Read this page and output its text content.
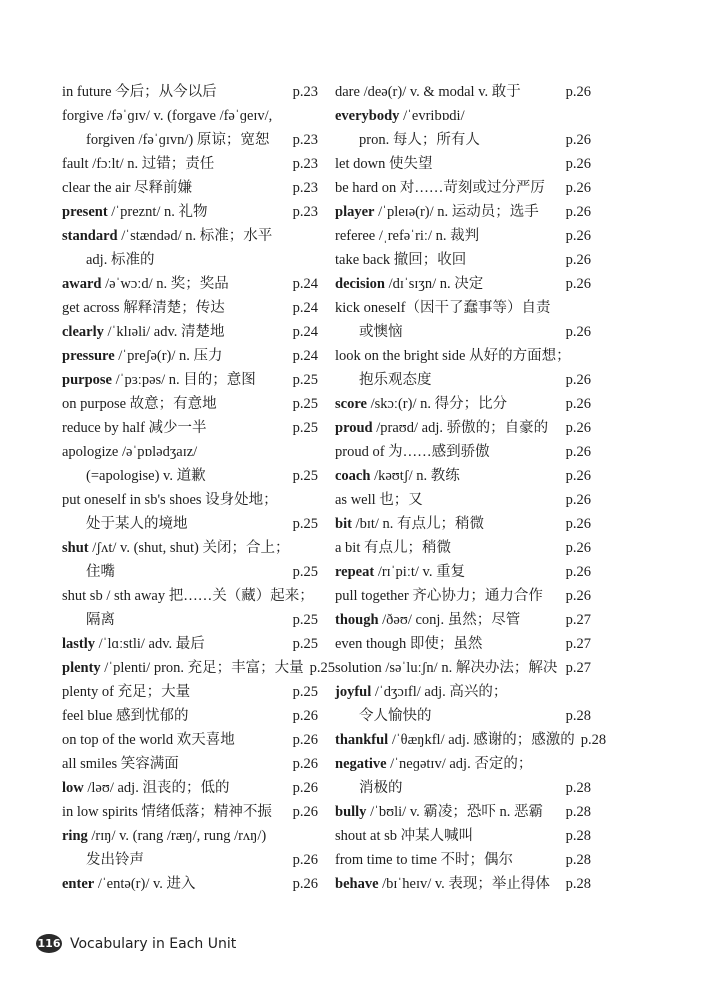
in future 今后；从今以后	p.23
forgive /fəˈɡɪv/ v. (forgave /fəˈɡeɪv/,
forgiven /fəˈɡɪvn/) 原谅；宽恕 p.23
fault /fɔːlt/ n. 过错；责任	p.23
clear the air 尽释前嫌	p.23
present /ˈpreznt/ n. 礼物	p.23
standard /ˈstændəd/ n. 标准；水平
adj. 标准的
award /əˈwɔːd/ n. 奖；奖品	p.24
get across 解释清楚；传达	p.24
clearly /ˈklɪəli/ adv. 清楚地	p.24
pressure /ˈpreʃə(r)/ n. 压力	p.24
purpose /ˈpɜːpəs/ n. 目的；意图	p.25
on purpose 故意；有意地	p.25
reduce by half 减少一半	p.25
apologize /əˈpɒlədʒaɪz/
(=apologise) v. 道歉	p.25
put oneself in sb's shoes 设身处地；
处于某人的境地	p.25
shut /ʃʌt/ v. (shut, shut) 关闭；合上；
住嘴	p.25
shut sb / sth away 把……关（藏）起来；
隔离	p.25
lastly /ˈlɑːstli/ adv. 最后	p.25
plenty /ˈplenti/ pron. 充足；丰富；大量 p.25
plenty of 充足；大量	p.25
feel blue 感到忧郁的	p.26
on top of the world 欢天喜地	p.26
all smiles 笑容满面	p.26
low /ləʊ/ adj. 沮丧的；低的	p.26
in low spirits 情绪低落；精神不振 p.26
ring /rɪŋ/ v. (rang /ræŋ/, rung /rʌŋ/)
发出铃声	p.26
enter /ˈentə(r)/ v. 进入	p.26
dare /deə(r)/ v. & modal v. 敢于	p.26
everybody /ˈevribɒdi/
pron. 每人；所有人	p.26
let down 使失望	p.26
be hard on 对……苛刻或过分严厉 p.26
player /ˈpleɪə(r)/ n. 运动员；选手 p.26
referee /ˌrefəˈriː/ n. 裁判	p.26
take back 撤回；收回	p.26
decision /dɪˈsɪʒn/ n. 决定	p.26
kick oneself（因干了蠢事等）自责
或懊恼	p.26
look on the bright side 从好的方面想；
抱乐观态度	p.26
score /skɔː(r)/ n. 得分；比分	p.26
proud /praʊd/ adj. 骄傲的；自豪的 p.26
proud of 为……感到骄傲	p.26
coach /kəʊtʃ/ n. 教练	p.26
as well 也；又	p.26
bit /bɪt/ n. 有点儿；稍微	p.26
a bit 有点儿；稍微	p.26
repeat /rɪˈpiːt/ v. 重复	p.26
pull together 齐心协力；通力合作 p.26
though /ðəʊ/ conj. 虽然；尽管	p.27
even though 即使；虽然	p.27
solution /səˈluːʃn/ n. 解决办法；解决 p.27
joyful /ˈdʒɔɪfl/ adj. 高兴的；
令人愉快的	p.28
thankful /ˈθæŋkfl/ adj. 感谢的；感激的 p.28
negative /ˈneɡətɪv/ adj. 否定的；
消极的	p.28
bully /ˈbʊli/ v. 霸凌；恐吓 n. 恶霸 p.28
shout at sb 冲某人喊叫	p.28
from time to time 不时；偶尔	p.28
behave /bɪˈheɪv/ v. 表现；举止得体 p.28
116 Vocabulary in Each Unit
